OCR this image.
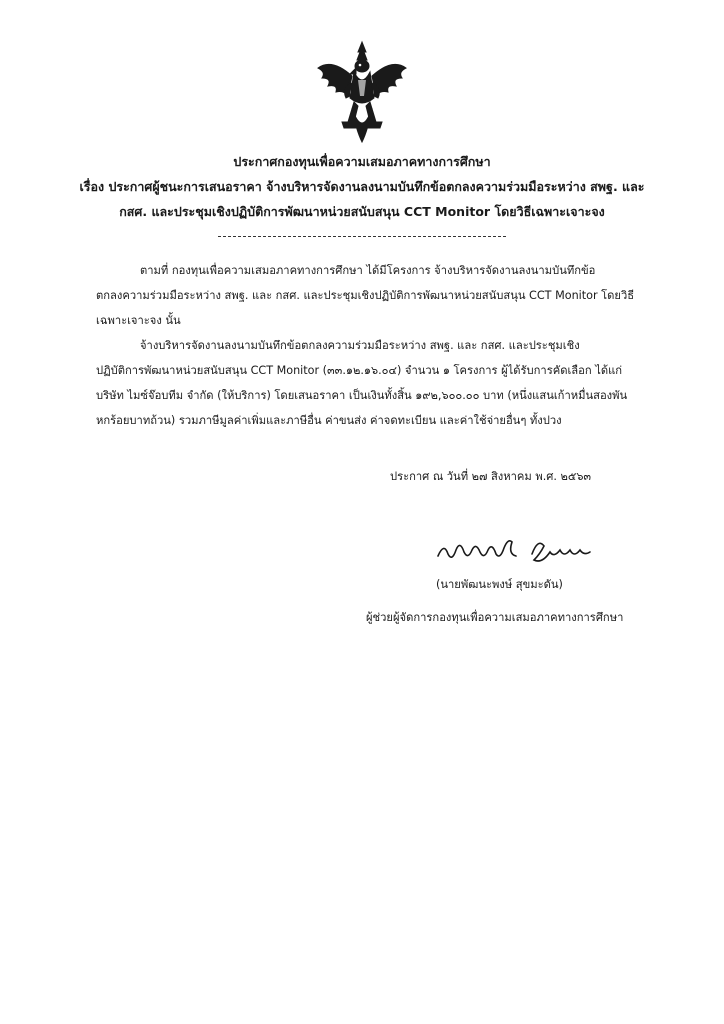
ประกาศกองทุนเพื่อความเสมอภาคทางการศึกษา
เรื่อง ประกาศผู้ชนะการเสนอราคา จ้างบริหารจัดงานลงนามบันทึกข้อตกลงความร่วมมือระหว่าง สพฐ. และ
กสศ. และประชุมเชิงปฏิบัติการพัฒนาหน่วยสนับสนุน CCT Monitor โดยวิธีเฉพาะเจาะจง
ตามที่ กองทุนเพื่อความเสมอภาคทางการศึกษา ได้มีโครงการ จ้างบริหารจัดงานลงนามบันทึกข้อ
ตกลงความร่วมมือระหว่าง สพฐ. และ กสศ. และประชุมเชิงปฏิบัติการพัฒนาหน่วยสนับสนุน CCT Monitor โดยวิธี
เฉพาะเจาะจง นั้น
จ้างบริหารจัดงานลงนามบันทึกข้อตกลงความร่วมมือระหว่าง สพฐ. และ กสศ. และประชุมเชิง
ปฏิบัติการพัฒนาหน่วยสนับสนุน CCT Monitor (๓๓.๑๒.๑๖.๐๔) จำนวน ๑ โครงการ ผู้ได้รับการคัดเลือก ได้แก่
บริษัท ไมซ์จ๊อบทีม จำกัด (ให้บริการ) โดยเสนอราคา เป็นเงินทั้งสิ้น ๑๙๒,๖๐๐.๐๐ บาท (หนึ่งแสนเก้าหมื่นสองพัน
หกร้อยบาทถ้วน) รวมภาษีมูลค่าเพิ่มและภาษีอื่น ค่าขนส่ง ค่าจดทะเบียน และค่าใช้จ่ายอื่นๆ ทั้งปวง
ประกาศ ณ วันที่ ๒๗ สิงหาคม พ.ศ. ๒๕๖๓
(นายพัฒนะพงษ์ สุขมะดัน)
ผู้ช่วยผู้จัดการกองทุนเพื่อความเสมอภาคทางการศึกษา
